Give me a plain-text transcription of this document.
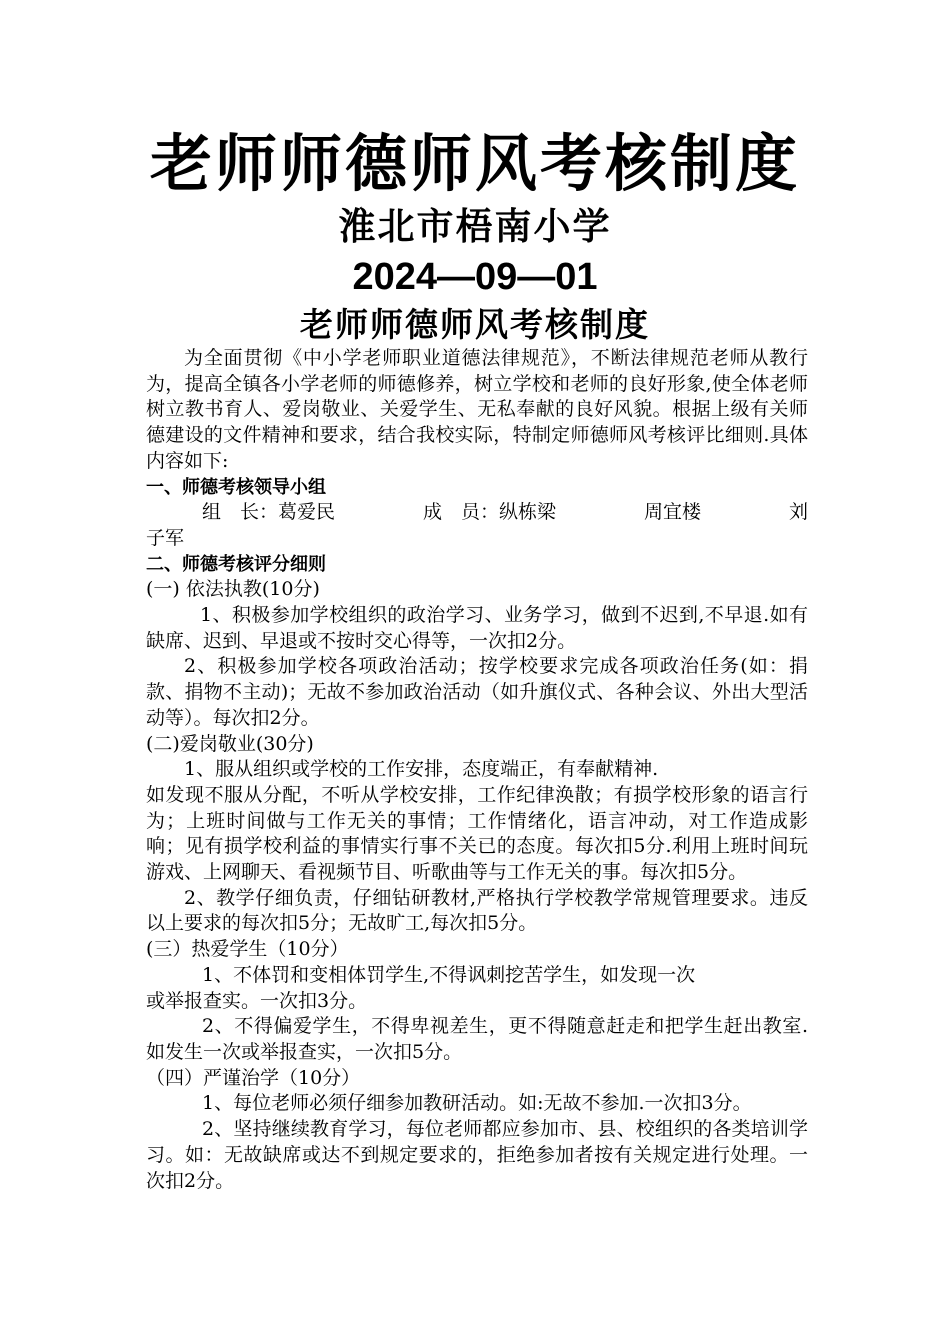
老师师德师风考核制度
淮北市梧南小学
2024—09—01
老师师德师风考核制度

为全面贯彻《中小学老师职业道德法律规范》，不断法律规范老师从教行为，提高全镇各小学老师的师德修养，树立学校和老师的良好形象,使全体老师树立教书育人、爱岗敬业、关爱学生、无私奉献的良好风貌。根据上级有关师德建设的文件精神和要求，结合我校实际，特制定师德师风考核评比细则.具体内容如下:

一、师德考核领导小组

组　长：葛爱民	成　员：纵栋梁	周宜楼	刘

子军

二、师德考核评分细则

(一) 依法执教(10分)

1、积极参加学校组织的政治学习、业务学习，做到不迟到,不早退.如有缺席、迟到、早退或不按时交心得等，一次扣2分。

2、积极参加学校各项政治活动；按学校要求完成各项政治任务(如：捐款、捐物不主动)；无故不参加政治活动（如升旗仪式、各种会议、外出大型活动等）。每次扣2分。

(二)爱岗敬业(30分)

1、服从组织或学校的工作安排，态度端正，有奉献精神.

如发现不服从分配，不听从学校安排，工作纪律涣散；有损学校形象的语言行为；上班时间做与工作无关的事情；工作情绪化，语言冲动，对工作造成影响；见有损学校利益的事情实行事不关已的态度。每次扣5分.利用上班时间玩游戏、上网聊天、看视频节目、听歌曲等与工作无关的事。每次扣5分。

2、教学仔细负责，仔细钻研教材,严格执行学校教学常规管理要求。违反以上要求的每次扣5分；无故旷工,每次扣5分。

(三）热爱学生（10分）

1、不体罚和变相体罚学生,不得讽刺挖苦学生，如发现一次

或举报查实。一次扣3分。

2、不得偏爱学生，不得卑视差生，更不得随意赶走和把学生赶出教室.如发生一次或举报查实，一次扣5分。

（四）严谨治学（10分）

1、每位老师必须仔细参加教研活动。如:无故不参加.一次扣3分。

2、坚持继续教育学习，每位老师都应参加市、县、校组织的各类培训学习。如：无故缺席或达不到规定要求的，拒绝参加者按有关规定进行处理。一次扣2分。
